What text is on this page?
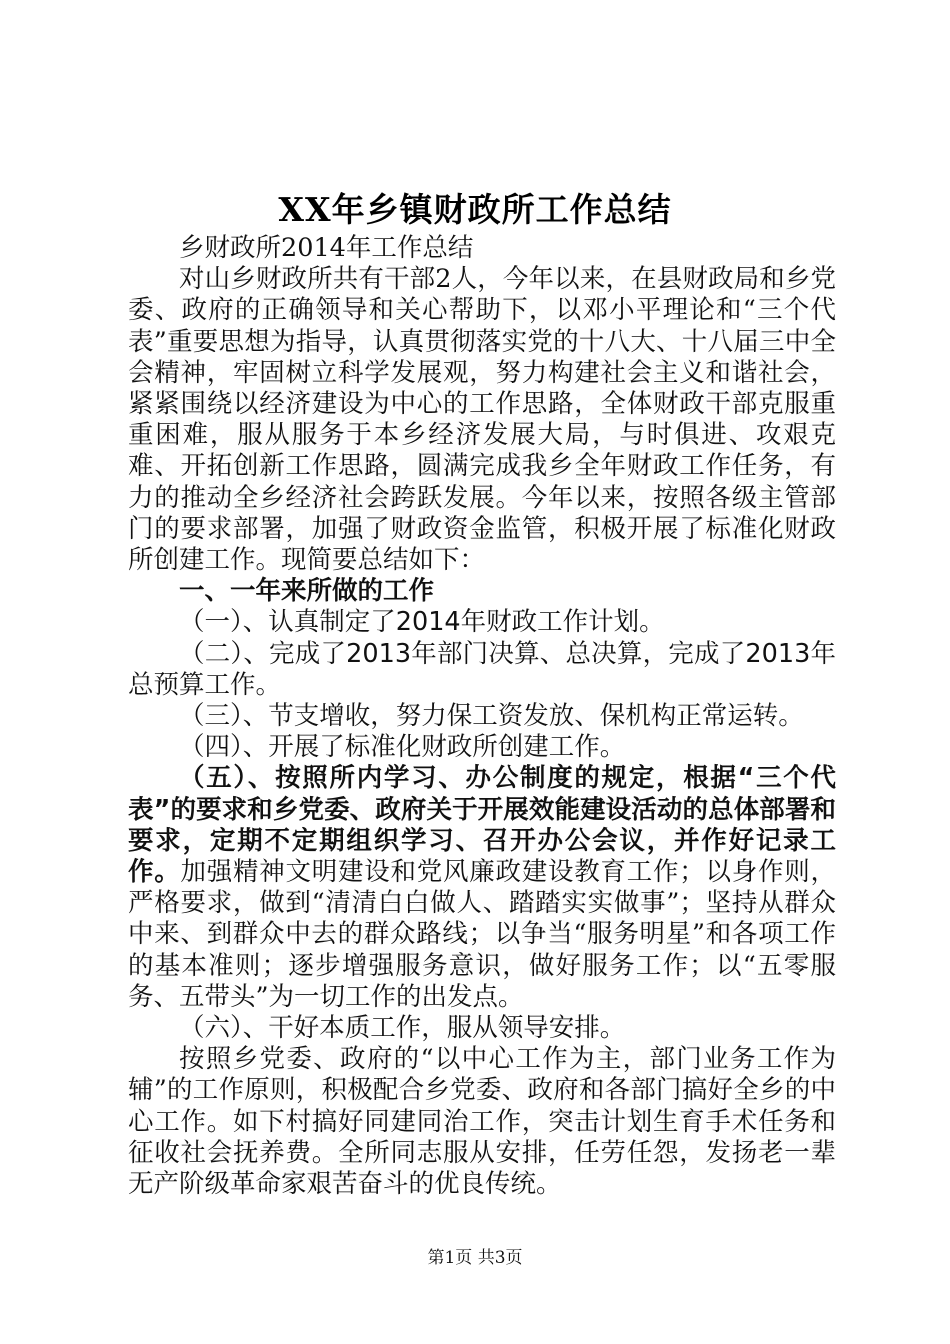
XX年乡镇财政所工作总结

乡财政所2014年工作总结

对山乡财政所共有干部2人，今年以来，在县财政局和乡党委、政府的正确领导和关心帮助下，以邓小平理论和“三个代表”重要思想为指导，认真贯彻落实党的十八大、十八届三中全会精神，牢固树立科学发展观，努力构建社会主义和谐社会，紧紧围绕以经济建设为中心的工作思路，全体财政干部克服重重困难，服从服务于本乡经济发展大局，与时俱进、攻艰克难、开拓创新工作思路，圆满完成我乡全年财政工作任务，有力的推动全乡经济社会跨跃发展。今年以来，按照各级主管部门的要求部署，加强了财政资金监管，积极开展了标准化财政所创建工作。现简要总结如下：

一、一年来所做的工作

（一）、认真制定了2014年财政工作计划。

（二）、完成了2013年部门决算、总决算，完成了2013年总预算工作。

（三）、节支增收，努力保工资发放、保机构正常运转。

（四）、开展了标准化财政所创建工作。

（五）、按照所内学习、办公制度的规定，根据“三个代表”的要求和乡党委、政府关于开展效能建设活动的总体部署和要求，定期不定期组织学习、召开办公会议，并作好记录工作。加强精神文明建设和党风廉政建设教育工作；以身作则，严格要求，做到“清清白白做人、踏踏实实做事”；坚持从群众中来、到群众中去的群众路线；以争当“服务明星”和各项工作的基本准则；逐步增强服务意识，做好服务工作；以“五零服务、五带头”为一切工作的出发点。

（六）、干好本质工作，服从领导安排。

按照乡党委、政府的“以中心工作为主，部门业务工作为辅”的工作原则，积极配合乡党委、政府和各部门搞好全乡的中心工作。如下村搞好同建同治工作，突击计划生育手术任务和征收社会抚养费。全所同志服从安排，任劳任怨，发扬老一辈无产阶级革命家艰苦奋斗的优良传统。

第1页 共3页
